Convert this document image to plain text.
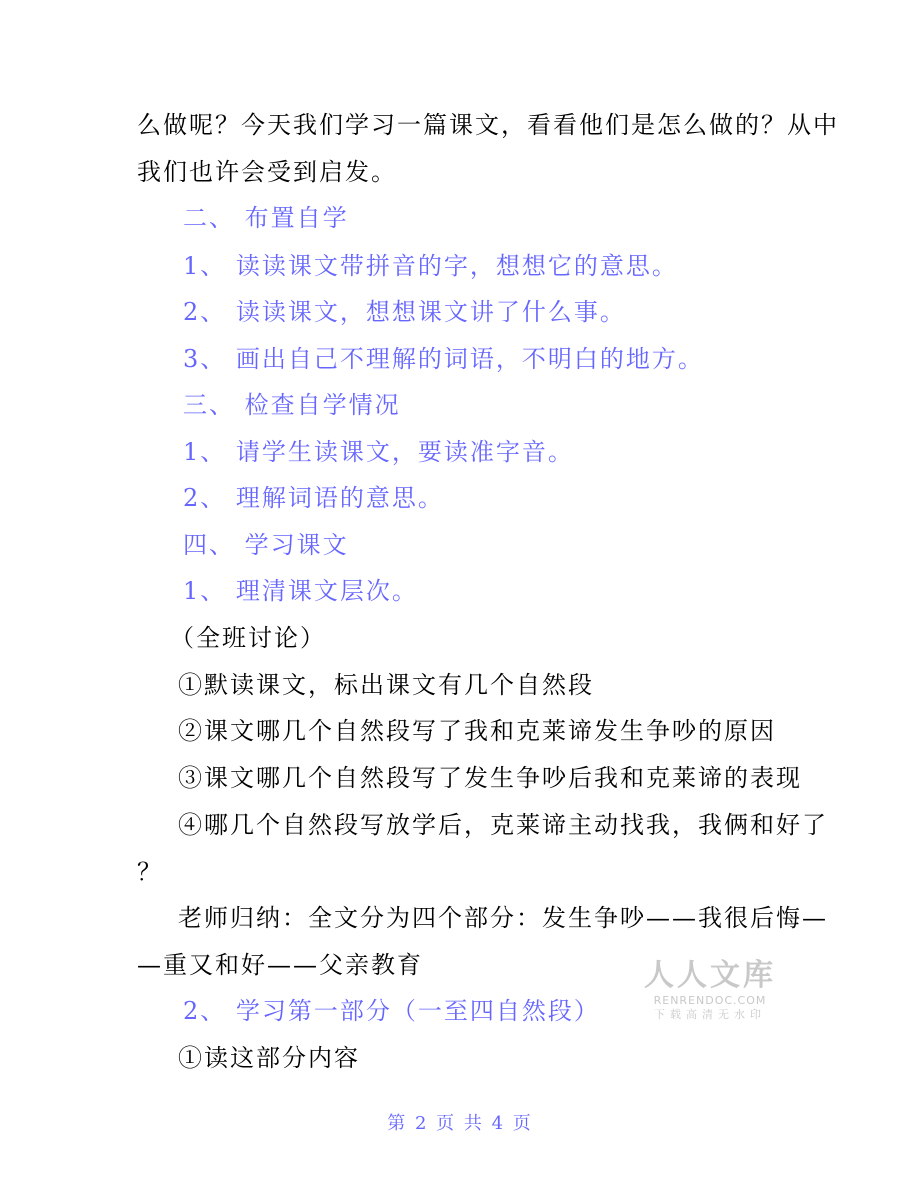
么做呢？今天我们学习一篇课文，看看他们是怎么做的？从中
我们也许会受到启发。
二、 布置自学
1、 读读课文带拼音的字，想想它的意思。
2、 读读课文，想想课文讲了什么事。
3、 画出自己不理解的词语，不明白的地方。
三、 检查自学情况
1、 请学生读课文，要读准字音。
2、 理解词语的意思。
四、 学习课文
1、 理清课文层次。
（全班讨论）
①默读课文，标出课文有几个自然段
②课文哪几个自然段写了我和克莱谛发生争吵的原因
③课文哪几个自然段写了发生争吵后我和克莱谛的表现
④哪几个自然段写放学后，克莱谛主动找我，我俩和好了
？
老师归纳：全文分为四个部分：发生争吵——我很后悔—
—重又和好——父亲教育
2、 学习第一部分（一至四自然段）
①读这部分内容
人人文库
RENRENDOC.COM
下载高清无水印
第 2 页 共 4 页
